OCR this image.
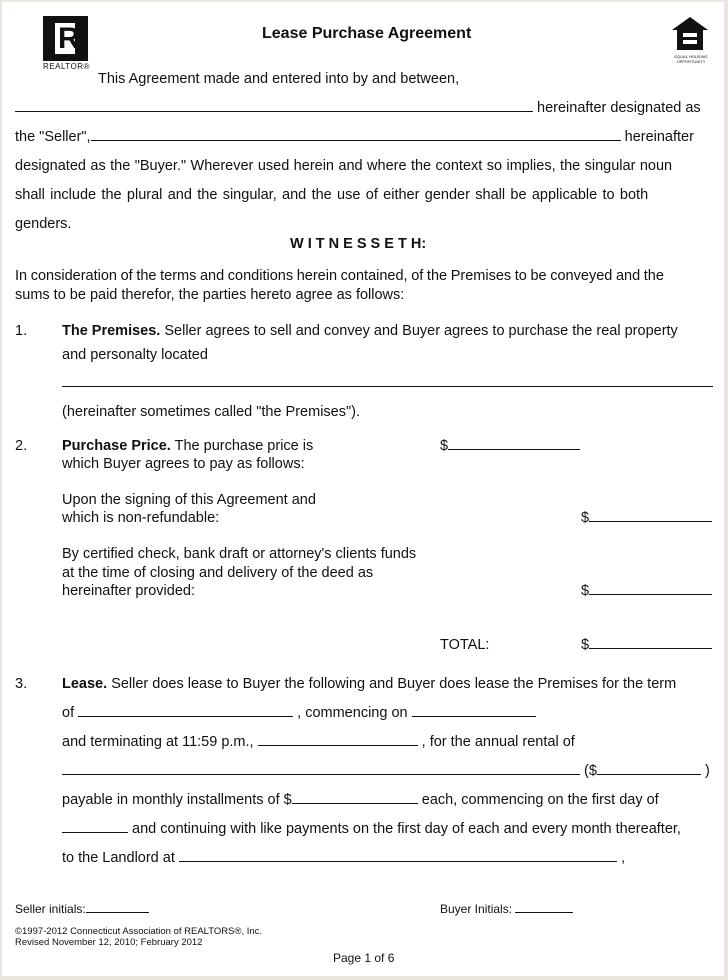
R
REALTOR®
Lease Purchase Agreement
EQUAL HOUSING OPPORTUNITY
This Agreement made and entered into by and between,
hereinafter designated as
the "Seller",	hereinafter
designated as the "Buyer." Wherever used herein and where the context so implies, the singular noun
shall include the plural and the singular, and the use of either gender shall be applicable to both
genders.
W I T N E S S E T H:
In consideration of the terms and conditions herein contained, of the Premises to be conveyed and the
sums to be paid therefor, the parties hereto agree as follows:
1. The Premises. Seller agrees to sell and convey and Buyer agrees to purchase the real property
and personalty located
(hereinafter sometimes called "the Premises").
2. Purchase Price. The purchase price is	$
which Buyer agrees to pay as follows:
Upon the signing of this Agreement and
which is non-refundable:	$
By certified check, bank draft or attorney's clients funds
at the time of closing and delivery of the deed as
hereinafter provided:	$
TOTAL:	$
3. Lease. Seller does lease to Buyer the following and Buyer does lease the Premises for the term
of	, commencing on
and terminating at 11:59 p.m.,	, for the annual rental of
($	)
payable in monthly installments of $	each, commencing on the first day of
and continuing with like payments on the first day of each and every month thereafter,
to the Landlord at	,
Seller initials:	Buyer Initials:
©1997-2012 Connecticut Association of REALTORS®, Inc.
Revised November 12, 2010; February 2012
Page 1 of 6
